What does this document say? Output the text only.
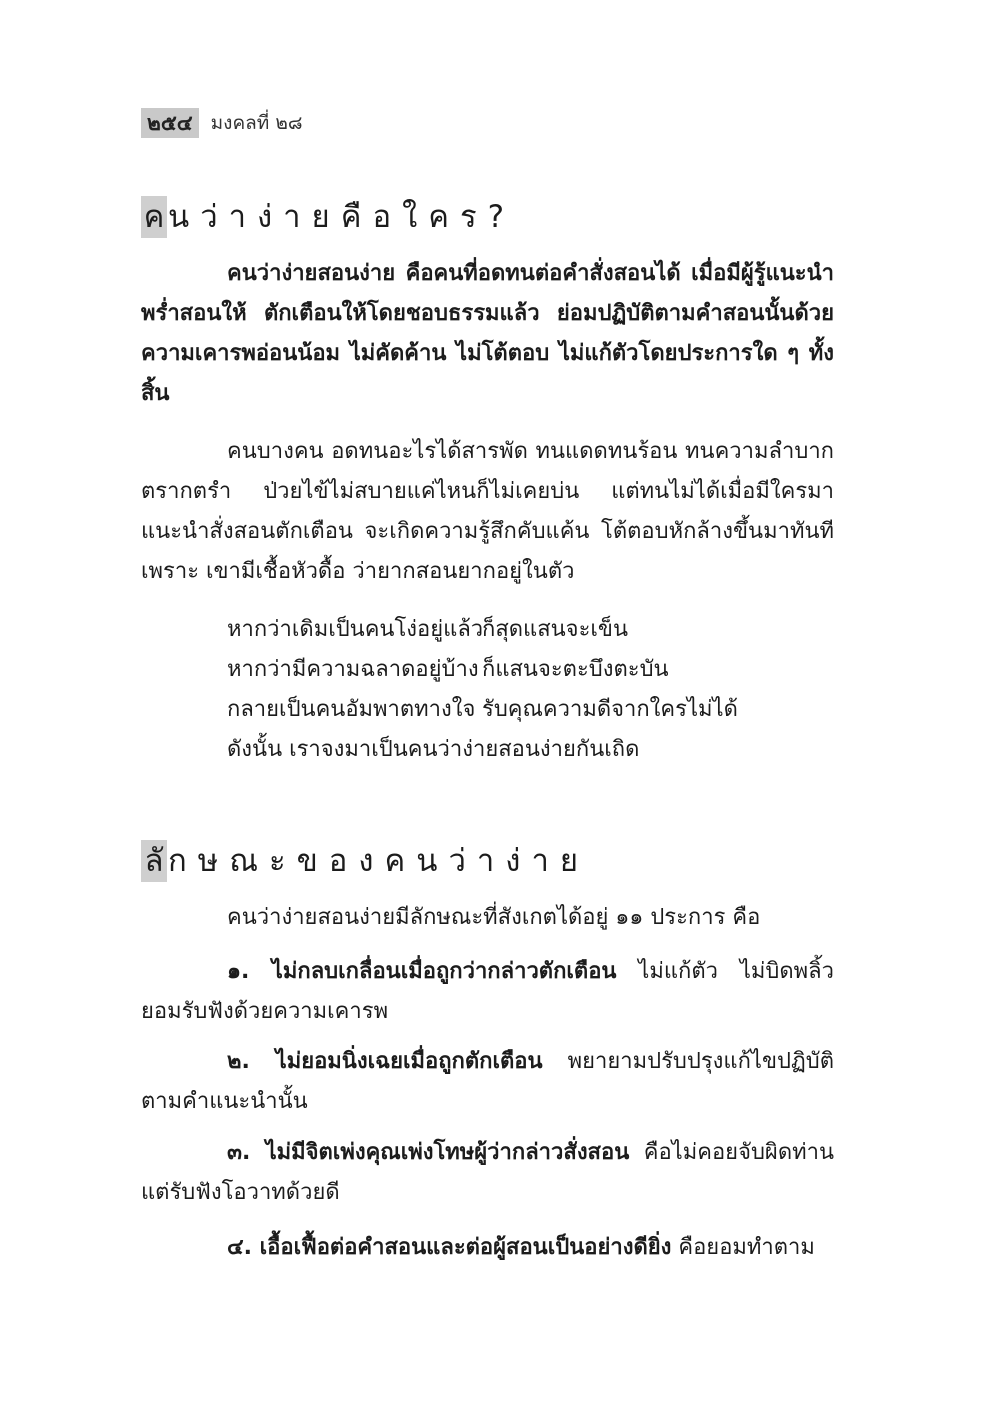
๒๕๔ มงคลที่ ๒๘
ค นว่าง่ายคือใคร?
คนว่าง่ายสอนง่าย คือคนที่อดทนต่อคำสั่งสอนได้ เมื่อมีผู้รู้แนะนำพร่ำสอนให้ ตักเตือนให้โดยชอบธรรมแล้ว ย่อมปฏิบัติตามคำสอนนั้นด้วยความเคารพอ่อนน้อม ไม่คัดค้าน ไม่โต้ตอบ ไม่แก้ตัวโดยประการใด ๆ ทั้งสิ้น
คนบางคน อดทนอะไรได้สารพัด ทนแดดทนร้อน ทนความลำบากตรากตรำ ป่วยไข้ไม่สบายแค่ไหนก็ไม่เคยบ่น แต่ทนไม่ได้เมื่อมีใครมาแนะนำสั่งสอนตักเตือน จะเกิดความรู้สึกคับแค้น โต้ตอบหักล้างขึ้นมาทันที เพราะ เขามีเชื้อหัวดื้อ ว่ายากสอนยากอยู่ในตัว
หากว่าเดิมเป็นคนโง่อยู่แล้ว
ก็สุดแสนจะเข็น
หากว่ามีความฉลาดอยู่บ้าง ก็แสนจะตะบึงตะบัน
กลายเป็นคนอัมพาตทางใจ รับคุณความดีจากใครไม่ได้
ดังนั้น เราจงมาเป็นคนว่าง่ายสอนง่ายกันเถิด
ลั กษณะของคนว่าง่าย
คนว่าง่ายสอนง่ายมีลักษณะที่สังเกตได้อยู่ ๑๑ ประการ คือ
๑. ไม่กลบเกลื่อนเมื่อถูกว่ากล่าวตักเตือน ไม่แก้ตัว ไม่บิดพลิ้ว ยอมรับฟังด้วยความเคารพ
๒. ไม่ยอมนิ่งเฉยเมื่อถูกตักเตือน พยายามปรับปรุงแก้ไขปฏิบัติตามคำแนะนำนั้น
๓. ไม่มีจิตเพ่งคุณเพ่งโทษผู้ว่ากล่าวสั่งสอน คือไม่คอยจับผิดท่านแต่รับฟังโอวาทด้วยดี
๔. เอื้อเฟื้อต่อคำสอนและต่อผู้สอนเป็นอย่างดียิ่ง คือยอมทำตาม
